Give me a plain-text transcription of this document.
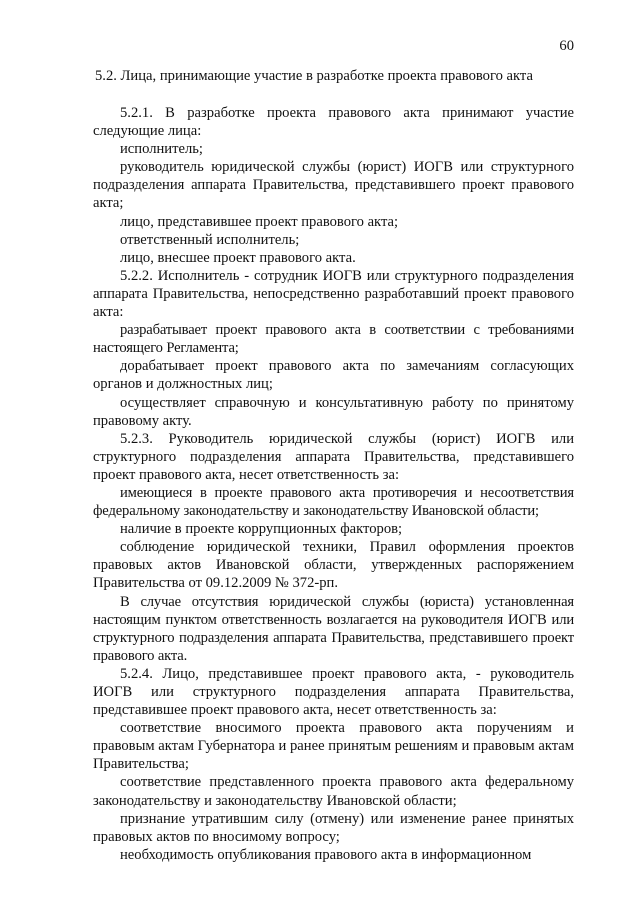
60
5.2. Лица, принимающие участие в разработке проекта правового акта

5.2.1. В разработке проекта правового акта принимают участие следующие лица:

исполнитель;

руководитель юридической службы (юрист) ИОГВ или структурного подразделения аппарата Правительства, представившего проект правового акта;

лицо, представившее проект правового акта;

ответственный исполнитель;

лицо, внесшее проект правового акта.

5.2.2. Исполнитель - сотрудник ИОГВ или структурного подразделения аппарата Правительства, непосредственно разработавший проект правового акта:

разрабатывает проект правового акта в соответствии с требованиями настоящего Регламента;

дорабатывает проект правового акта по замечаниям согласующих органов и должностных лиц;

осуществляет справочную и консультативную работу по принятому правовому акту.

5.2.3. Руководитель юридической службы (юрист) ИОГВ или структурного подразделения аппарата Правительства, представившего проект правового акта, несет ответственность за:

имеющиеся в проекте правового акта противоречия и несоответствия федеральному законодательству и законодательству Ивановской области;

наличие в проекте коррупционных факторов;

соблюдение юридической техники, Правил оформления проектов правовых актов Ивановской области, утвержденных распоряжением Правительства от 09.12.2009 № 372-рп.

В случае отсутствия юридической службы (юриста) установленная настоящим пунктом ответственность возлагается на руководителя ИОГВ или структурного подразделения аппарата Правительства, представившего проект правового акта.

5.2.4. Лицо, представившее проект правового акта, - руководитель ИОГВ или структурного подразделения аппарата Правительства, представившее проект правового акта, несет ответственность за:

соответствие вносимого проекта правового акта поручениям и правовым актам Губернатора и ранее принятым решениям и правовым актам Правительства;

соответствие представленного проекта правового акта федеральному законодательству и законодательству Ивановской области;

признание утратившим силу (отмену) или изменение ранее принятых правовых актов по вносимому вопросу;

необходимость опубликования правового акта в информационном
